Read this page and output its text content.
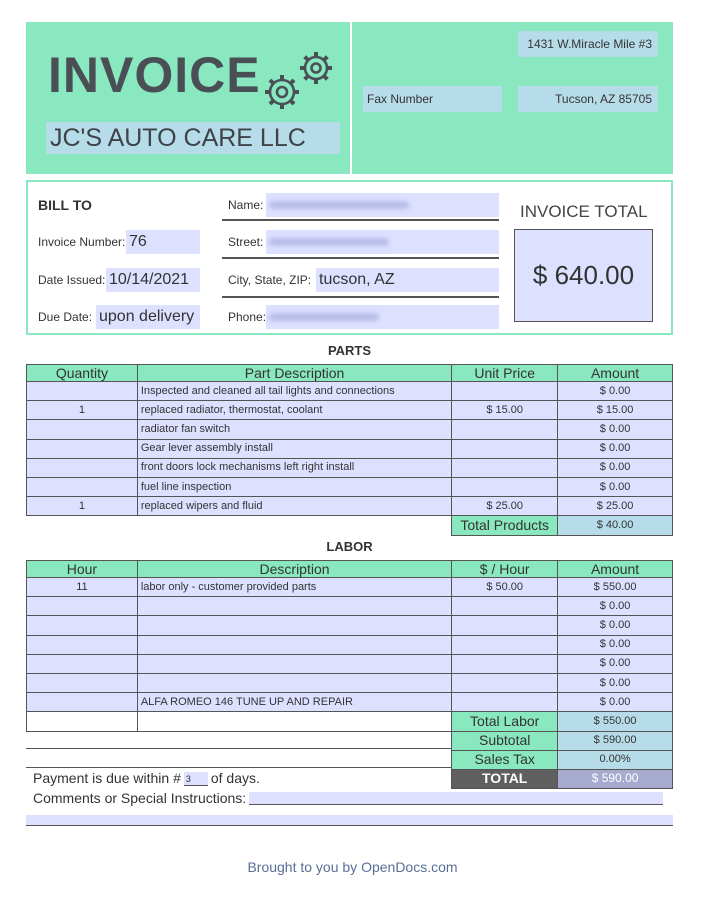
INVOICE
JC'S AUTO CARE LLC
1431 W.Miracle Mile #3
Fax Number	Tucson, AZ 85705
BILL TO
Invoice Number: 76
Date Issued: 10/14/2021
Due Date: upon delivery
Name:
Street:
City, State, ZIP: tucson, AZ
Phone:
INVOICE TOTAL
$ 640.00
PARTS
Quantity	Part Description	Unit Price	Amount
	Inspected and cleaned all tail lights and connections		$ 0.00
1	replaced radiator, thermostat, coolant	$ 15.00	$ 15.00
	radiator fan switch		$ 0.00
	Gear lever assembly install		$ 0.00
	front doors lock mechanisms left right install		$ 0.00
	fuel line inspection		$ 0.00
1	replaced wipers and fluid	$ 25.00	$ 25.00
		Total Products	$ 40.00
LABOR
Hour	Description	$ / Hour	Amount
11	labor only - customer provided parts	$ 50.00	$ 550.00
			$ 0.00
			$ 0.00
			$ 0.00
			$ 0.00
			$ 0.00
	ALFA ROMEO 146 TUNE UP AND REPAIR		$ 0.00
		Total Labor	$ 550.00
		Subtotal	$ 590.00
		Sales Tax	0.00%
		TOTAL	$ 590.00
Payment is due within # 3 of days.
Comments or Special Instructions:
Brought to you by OpenDocs.com
